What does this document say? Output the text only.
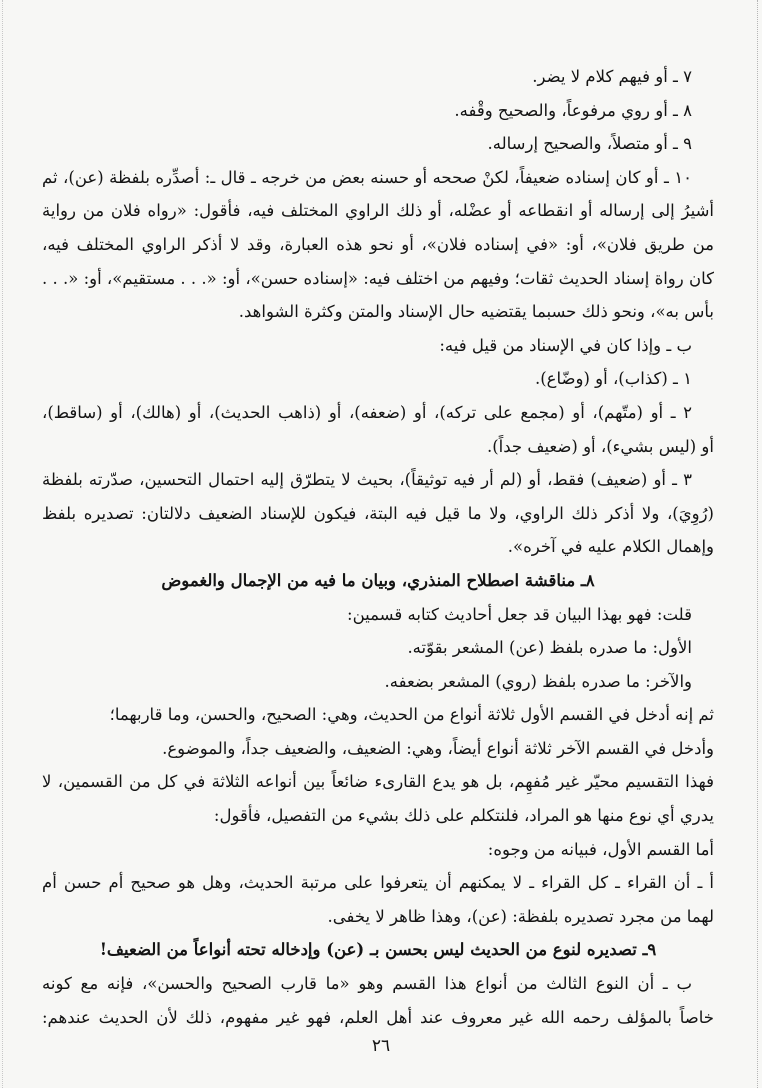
٧ ـ أو فيهم كلام لا يضر.
٨ ـ أو روي مرفوعاً، والصحيح وقْفه.
٩ ـ أو متصلاً، والصحيح إرساله.
١٠ ـ أو كان إسناده ضعيفاً، لكنْ صححه أو حسنه بعض من خرجه ـ قال ـ: أصدِّره بلفظة (عن)، ثم
أشيرُ إلى إرساله أو انقطاعه أو عضْله، أو ذلك الراوي المختلف فيه، فأقول: «رواه فلان من رواية
من طريق فلان»، أو: «في إسناده فلان»، أو نحو هذه العبارة، وقد لا أذكر الراوي المختلف فيه،
كان رواة إسناد الحديث ثقات؛ وفيهم من اختلف فيه: «إسناده حسن»، أو: «. . . مستقيم»، أو: «. . .
بأس به»، ونحو ذلك حسبما يقتضيه حال الإسناد والمتن وكثرة الشواهد.
ب ـ وإذا كان في الإسناد من قيل فيه:
١ ـ (كذاب)، أو (وضّاع).
٢ ـ أو (متّهم)، أو (مجمع على تركه)، أو (ضعفه)، أو (ذاهب الحديث)، أو (هالك)، أو (ساقط)،
أو (ليس بشيء)، أو (ضعيف جداً).
٣ ـ أو (ضعيف) فقط، أو (لم أر فيه توثيقاً)، بحيث لا يتطرّق إليه احتمال التحسين، صدّرته بلفظة
(رُوِيَ)، ولا أذكر ذلك الراوي، ولا ما قيل فيه البتة، فيكون للإسناد الضعيف دلالتان: تصديره بلفظ
وإهمال الكلام عليه في آخره».
٨ـ مناقشة اصطلاح المنذري، وبيان ما فيه من الإجمال والغموض
قلت: فهو بهذا البيان قد جعل أحاديث كتابه قسمين:
الأول: ما صدره بلفظ (عن) المشعر بقوّته.
والآخر: ما صدره بلفظ (روي) المشعر بضعفه.
ثم إنه أدخل في القسم الأول ثلاثة أنواع من الحديث، وهي: الصحيح، والحسن، وما قاربهما؛
وأدخل في القسم الآخر ثلاثة أنواع أيضاً، وهي: الضعيف، والضعيف جداً، والموضوع.
فهذا التقسيم محيّر غير مُفهِم، بل هو يدع القارىء ضائعاً بين أنواعه الثلاثة في كل من القسمين، لا
يدري أي نوع منها هو المراد، فلنتكلم على ذلك بشيء من التفصيل، فأقول:
أما القسم الأول، فبيانه من وجوه:
أ ـ أن القراء ـ كل القراء ـ لا يمكنهم أن يتعرفوا على مرتبة الحديث، وهل هو صحيح أم حسن أم
لهما من مجرد تصديره بلفظة: (عن)، وهذا ظاهر لا يخفى.
٩ـ تصديره لنوع من الحديث ليس بحسن بـ (عن) وإدخاله تحته أنواعاً من الضعيف!
ب ـ أن النوع الثالث من أنواع هذا القسم وهو «ما قارب الصحيح والحسن»، فإنه مع كونه
خاصاً بالمؤلف رحمه الله غير معروف عند أهل العلم، فهو غير مفهوم، ذلك لأن الحديث عندهم:
٢٦
